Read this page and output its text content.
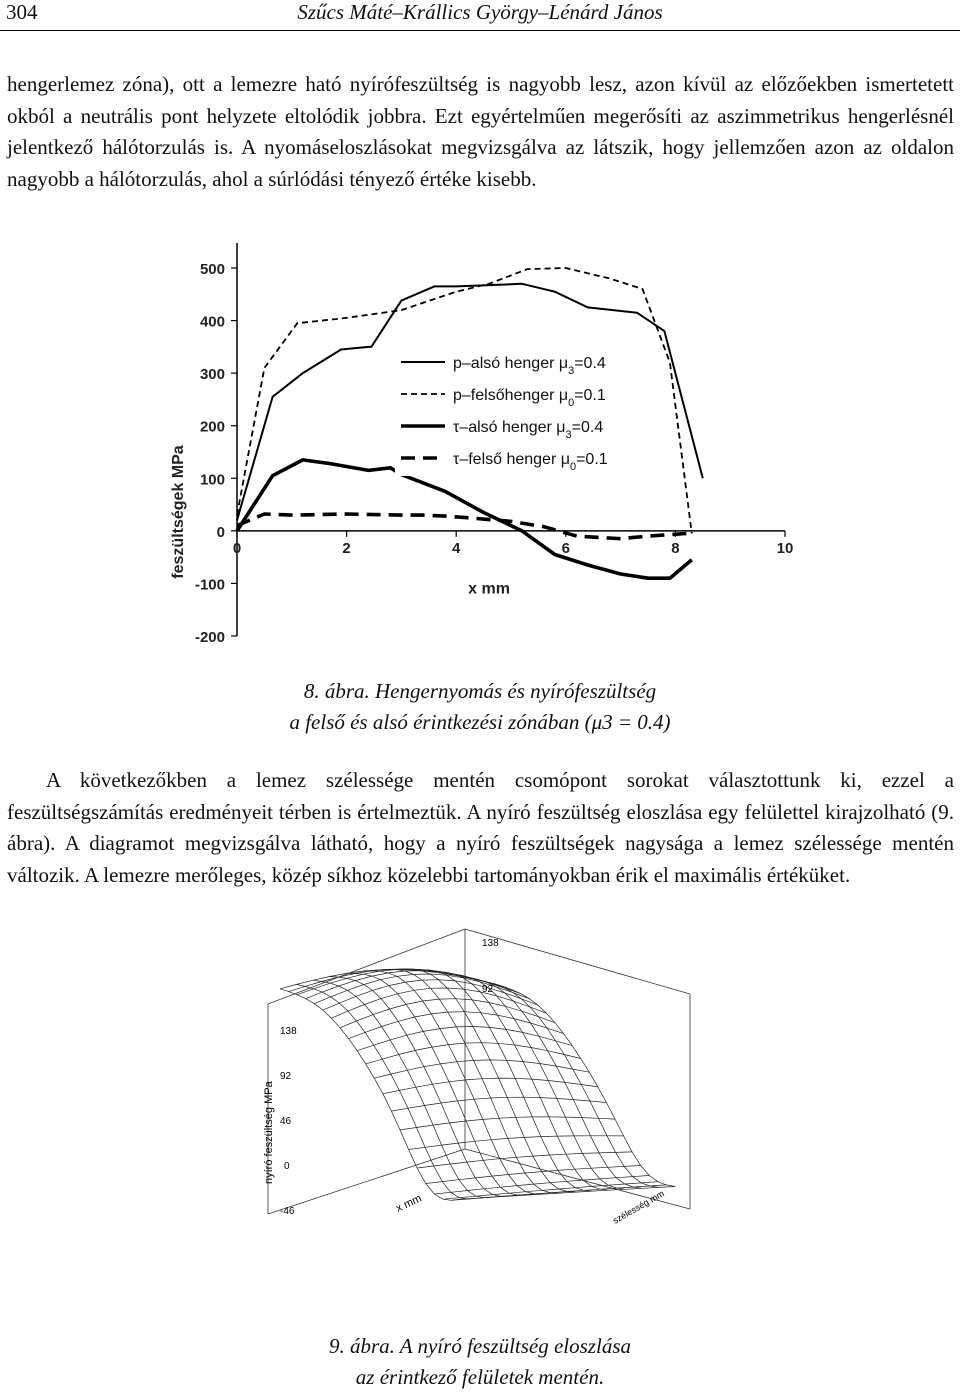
304	Szűcs Máté–Krállics György–Lénárd János

hengerlemez zóna), ott a lemezre ható nyírófeszültség is nagyobb lesz, azon kívül az előzőekben ismertetett okból a neutrális pont helyzete eltolódik jobbra. Ezt egyértelműen megerősíti az aszimmetrikus hengerlésnél jelentkező hálótorzulás is. A nyomáseloszlásokat megvizsgálva az látszik, hogy jellemzően azon az oldalon nagyobb a hálótorzulás, ahol a súrlódási tényező értéke kisebb.

500
400
300
200
100
0
-100
-200
0	2	4	6	8	10
feszültségek MPa
x mm
p–alsó henger $\mu_3=0.4$
p–felsőhenger $\mu_0=0.1$
τ–alsó henger $\mu_3=0.4$
τ–felső henger $\mu_0=0.1$

8. ábra. Hengernyomás és nyírófeszültség
a felső és alsó érintkezési zónában (μ3 = 0.4)

A következőkben a lemez szélessége mentén csomópont sorokat választottunk ki, ezzel a feszültségszámítás eredményeit térben is értelmeztük. A nyíró feszültség eloszlása egy felülettel kirajzolható (9. ábra). A diagramot megvizsgálva látható, hogy a nyíró feszültségek nagysága a lemez szélessége mentén változik. A lemezre merőleges, közép síkhoz közelebbi tartományokban érik el maximális értéküket.

nyíró feszültség MPa
138
92
46
0
-46
138
92
x mm	szélesség mm

9. ábra. A nyíró feszültség eloszlása
az érintkező felületek mentén.
